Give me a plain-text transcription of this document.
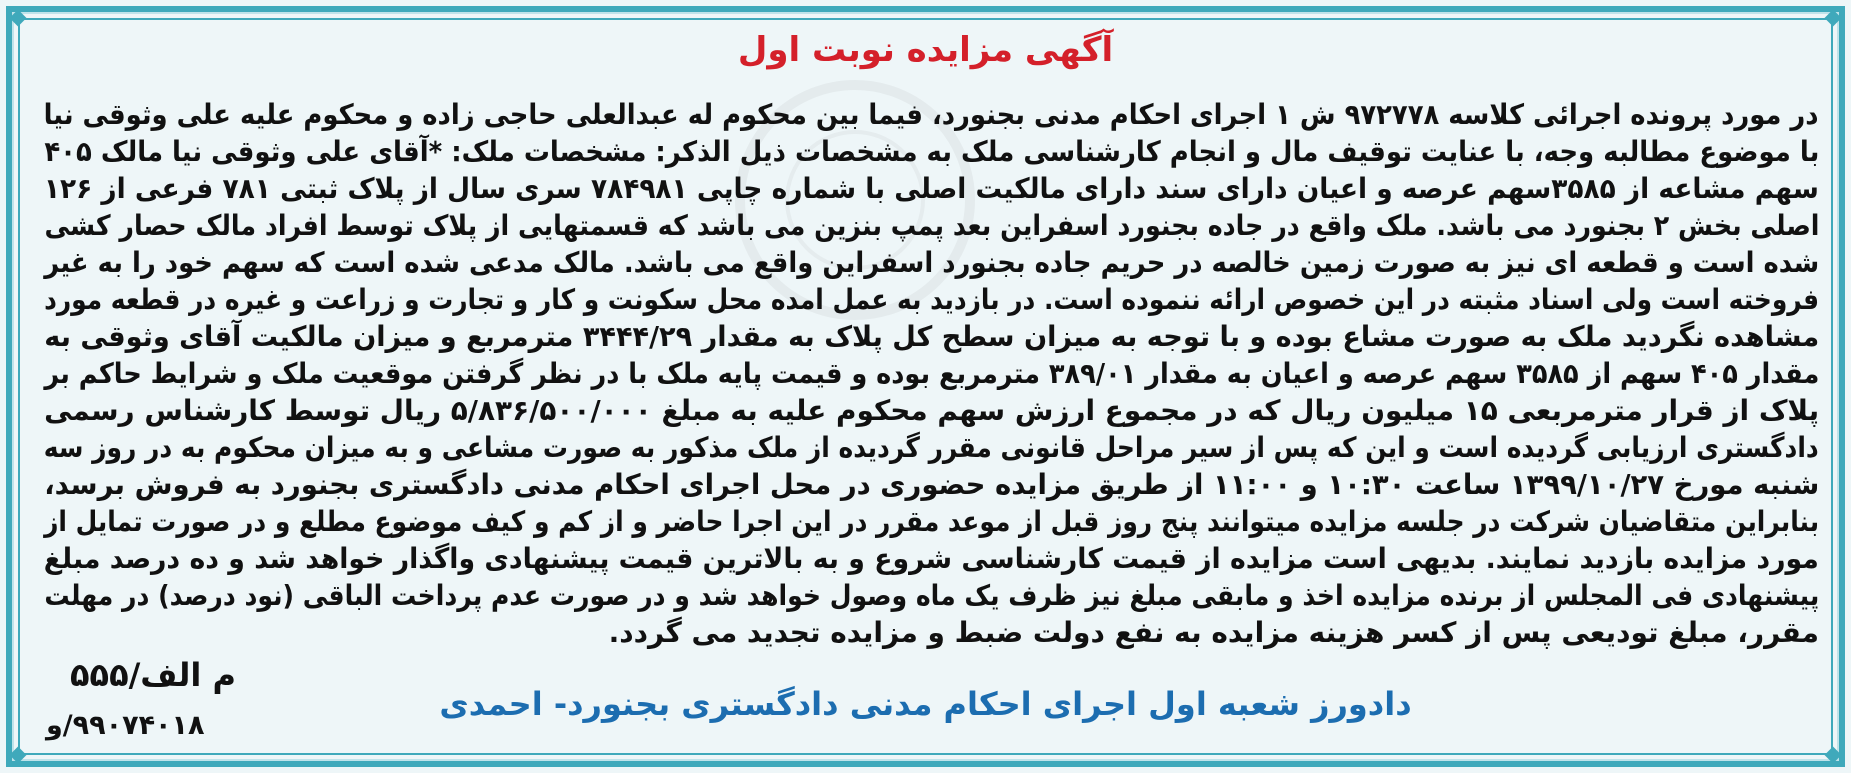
آگهی مزایده نوبت اول
در مورد پرونده اجرائی کلاسه ۹۷۲۷۷۸ ش ۱ اجرای احکام مدنی بجنورد، فیما بین محکوم له عبدالعلی حاجی زاده و محکوم علیه علی وثوقی نیا
با موضوع مطالبه وجه، با عنایت توقیف مال و انجام کارشناسی ملک به مشخصات ذیل الذکر: مشخصات ملک: *آقای علی وثوقی نیا مالک ۴۰۵
سهم مشاعه از ۳۵۸۵سهم عرصه و اعیان دارای سند دارای مالکیت اصلی با شماره چاپی ۷۸۴۹۸۱ سری سال از پلاک ثبتی ۷۸۱ فرعی از ۱۲۶
اصلی بخش ۲ بجنورد می باشد. ملک واقع در جاده بجنورد اسفراین بعد پمپ بنزین می باشد که قسمتهایی از پلاک توسط افراد مالک حصار کشی
شده است و قطعه ای نیز به صورت زمین خالصه در حریم جاده بجنورد اسفراین واقع می باشد. مالک مدعی شده است که سهم خود را به غیر
فروخته است ولی اسناد مثبته در این خصوص ارائه ننموده است. در بازدید به عمل امده محل سکونت و کار و تجارت و زراعت و غیره در قطعه مورد
مشاهده نگردید ملک به صورت مشاع بوده و با توجه به میزان سطح کل پلاک به مقدار ۳۴۴۴/۲۹ مترمربع و میزان مالکیت آقای وثوقی به
مقدار ۴۰۵ سهم از ۳۵۸۵ سهم عرصه و اعیان به مقدار ۳۸۹/۰۱ مترمربع بوده و قیمت پایه ملک با در نظر گرفتن موقعیت ملک و شرایط حاکم بر
پلاک از قرار مترمربعی ۱۵ میلیون ریال که در مجموع ارزش سهم محکوم علیه به مبلغ ۵/۸۳۶/۵۰۰/۰۰۰ ریال توسط کارشناس رسمی
دادگستری ارزیابی گردیده است و این که پس از سیر مراحل قانونی مقرر گردیده از ملک مذکور به صورت مشاعی و به میزان محکوم به در روز سه
شنبه مورخ ۱۳۹۹/۱۰/۲۷ ساعت ۱۰:۳۰ و ۱۱:۰۰ از طریق مزایده حضوری در محل اجرای احکام مدنی دادگستری بجنورد به فروش برسد،
بنابراین متقاضیان شرکت در جلسه مزایده میتوانند پنج روز قبل از موعد مقرر در این اجرا حاضر و از کم و کیف موضوع مطلع و در صورت تمایل از
مورد مزایده بازدید نمایند. بدیهی است مزایده از قیمت کارشناسی شروع و به بالاترین قیمت پیشنهادی واگذار خواهد شد و ده درصد مبلغ
پیشنهادی فی المجلس از برنده مزایده اخذ و مابقی مبلغ نیز ظرف یک ماه وصول خواهد شد و در صورت عدم پرداخت الباقی (نود درصد) در مهلت
مقرر، مبلغ تودیعی پس از کسر هزینه مزایده به نفع دولت ضبط و مزایده تجدید می گردد.
م الف/۵۵۵
دادورز شعبه اول اجرای احکام مدنی دادگستری بجنورد- احمدی
۹۹۰۷۴۰۱۸/و
